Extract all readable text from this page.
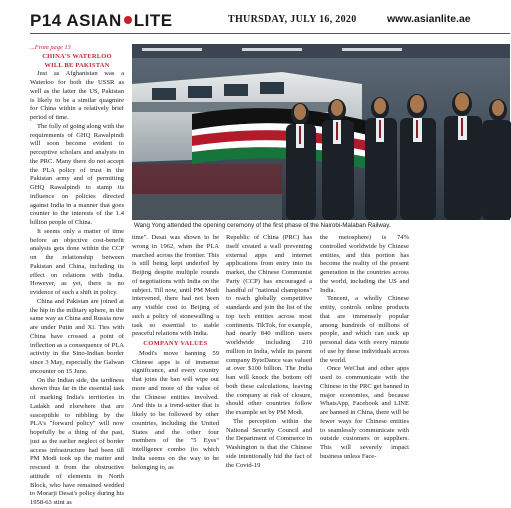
P14 ASIAN LITE	THURSDAY, JULY 16, 2020	www.asianlite.ae

...From page 13

CHINA'S WATERLOO

WILL BE PAKISTAN

Just as Afghanistan was a Waterloo for both the USSR as well as the latter the US, Pakistan is likely to be a similar quagmire for China within a relatively brief period of time.

The folly of going along with the requirements of GHQ Rawalpindi will soon become evident to perceptive scholars and analysts in the PRC. Many there do not accept the PLA policy of trust in the Pakistan army and of permitting GHQ Rawalpindi to stamp its influence on policies directed against India in a manner that goes counter to the interests of the 1.4 billion people of China.

It seems only a matter of time before an objective cost-benefit analysis gets done within the CCP on the relationship between Pakistan and China, including its effect on relations with India. However, as yet, there is no evidence of such a shift in policy.

China and Pakistan are joined at the hip in the military sphere, in the same way as China and Russia now are under Putin and Xi. Ties with China have crossed a point of inflection as a consequence of PLA activity in the Sino-Indian border since 3 May, especially the Galwan encounter on 15 June.

On the Indian side, the tardiness shown thus far in the essential task of marking India's territories in Ladakh and elsewhere that are susceptible to nibbling by the PLA's "forward policy" will now hopefully be a thing of the past, just as the earlier neglect of border access infrastructure had been till PM Modi took up the matter and rescued it from the obstructive attitude of elements in North Block, who have remained wedded to Morarji Desai's policy during his 1958-63 stint as

Wang Yong attended the opening ceremony of the first phase of the Nairobi-Malaban Railway.

time". Desai was shown to be wrong in 1962, when the PLA marched across the frontier. This is still being kept underfed by Beijing despite multiple rounds of negotiations with India on the subject. Till now, until PM Modi intervened, there had not been any visible cost to Beijing of such a policy of stonewalling a task so essential to stable peaceful relations with India.

COMPANY VALUES

Modi's move banning 59 Chinese apps is of immense significance, and every country that joins the ban will wipe out more and more of the value of the Chinese entities involved. And this is a trend-setter that is likely to be followed by other countries, including the United States and the other four members of the "5 Eyes" intelligence combo (to which India seems on the way to be belonging to, as

Republic of China (PRC) has itself created a wall preventing external apps and internet applications from entry into its market, the Chinese Communist Party (CCP) has encouraged a handful of "national champions" to reach globally competitive standards and join the list of the top tech entities across most continents. TikTok, for example, had nearly 840 million users worldwide including 210 million in India, while its parent company ByteDance was valued at over $100 billion. The India ban will knock the bottom off both these calculations, leaving the company at risk of closure, should other countries follow the example set by PM Modi.

The perception within the National Security Council and the Department of Commerce in Washington is that the Chinese side intentionally hid the fact of the Covid-19

the metosphere) is 74% controlled worldwide by Chinese entities, and this portion has become the reality of the present generation in the countries across the world, including the US and India.

Tencent, a wholly Chinese entity, controls online products that are immensely popular among hundreds of millions of people, and which can suck up personal data with every minute of use by these individuals across the world.

Once WeChat and other apps used to communicate with the Chinese in the PRC get banned in major economies, and because WhatsApp, Facebook and LINE are banned in China, there will be fewer ways for Chinese entities to seamlessly communicate with outside customers or suppliers. This will severely impact business unless Face-
